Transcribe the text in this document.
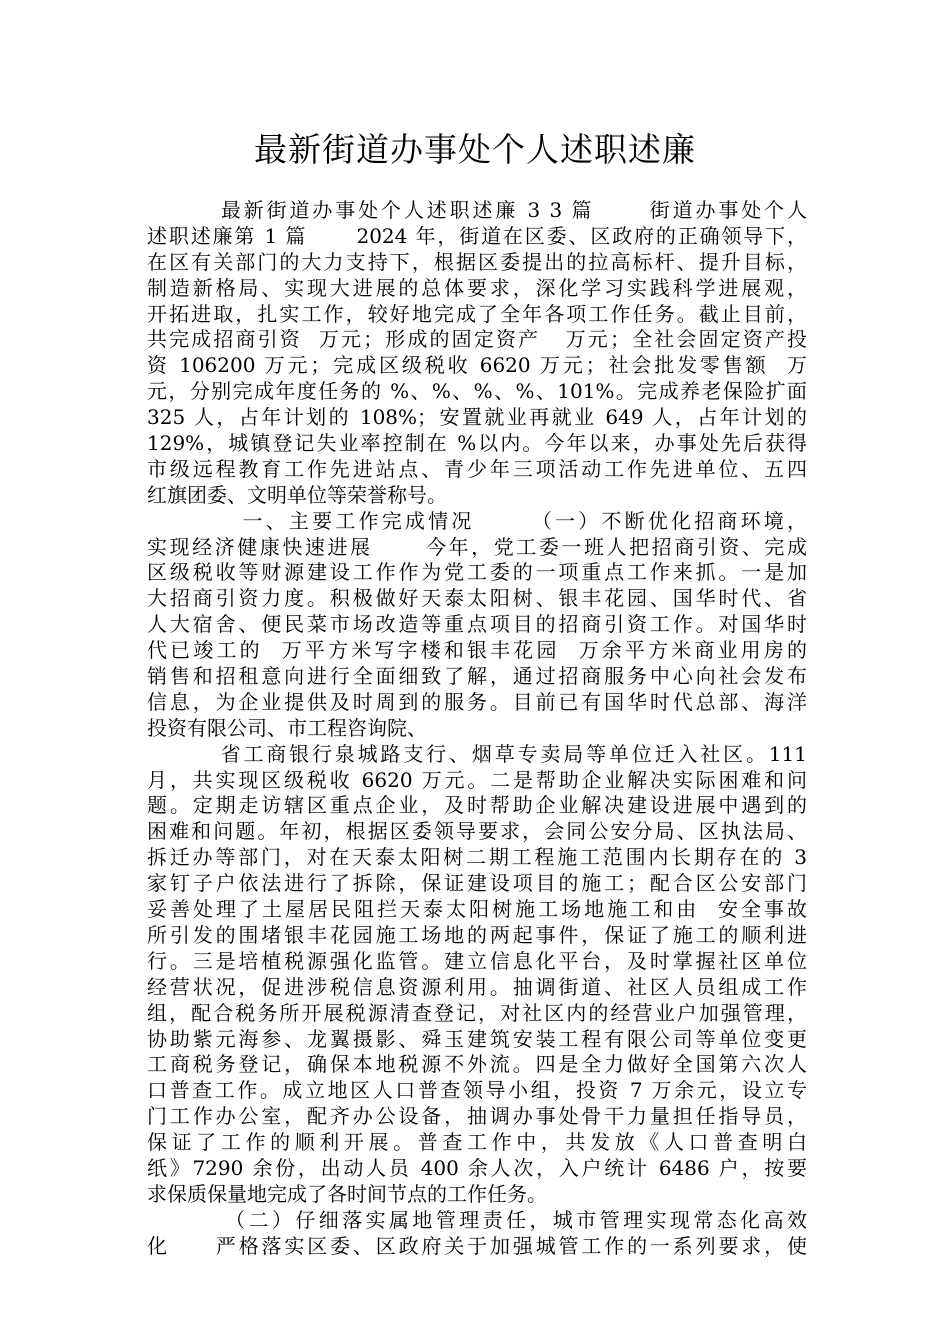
最新街道办事处个人述职述廉
最新街道办事处个人述职述廉 3 3 篇      街道办事处个人
述职述廉第 1 篇      2024 年，街道在区委、区政府的正确领导下，
在区有关部门的大力支持下，根据区委提出的拉高标杆、提升目标，
制造新格局、实现大进展的总体要求，深化学习实践科学进展观，
开拓进取，扎实工作，较好地完成了全年各项工作任务。截止目前，
共完成招商引资  万元；形成的固定资产   万元；全社会固定资产投
资 106200 万元；完成区级税收 6620 万元；社会批发零售额  万
元，分别完成年度任务的 %、%、%、%、101%。完成养老保险扩面
325 人，占年计划的 108%；安置就业再就业 649 人，占年计划的
129%，城镇登记失业率控制在 %以内。今年以来，办事处先后获得
市级远程教育工作先进站点、青少年三项活动工作先进单位、五四
红旗团委、文明单位等荣誉称号。
一、主要工作完成情况      （一）不断优化招商环境，
实现经济健康快速进展      今年，党工委一班人把招商引资、完成
区级税收等财源建设工作作为党工委的一项重点工作来抓。一是加
大招商引资力度。积极做好天泰太阳树、银丰花园、国华时代、省
人大宿舍、便民菜市场改造等重点项目的招商引资工作。对国华时
代已竣工的  万平方米写字楼和银丰花园  万余平方米商业用房的
销售和招租意向进行全面细致了解，通过招商服务中心向社会发布
信息，为企业提供及时周到的服务。目前已有国华时代总部、海洋
投资有限公司、市工程咨询院、
省工商银行泉城路支行、烟草专卖局等单位迁入社区。111
月，共实现区级税收 6620 万元。二是帮助企业解决实际困难和问
题。定期走访辖区重点企业，及时帮助企业解决建设进展中遇到的
困难和问题。年初，根据区委领导要求，会同公安分局、区执法局、
拆迁办等部门，对在天泰太阳树二期工程施工范围内长期存在的 3
家钉子户依法进行了拆除，保证建设项目的施工；配合区公安部门
妥善处理了土屋居民阻拦天泰太阳树施工场地施工和由  安全事故
所引发的围堵银丰花园施工场地的两起事件，保证了施工的顺利进
行。三是培植税源强化监管。建立信息化平台，及时掌握社区单位
经营状况，促进涉税信息资源利用。抽调街道、社区人员组成工作
组，配合税务所开展税源清查登记，对社区内的经营业户加强管理，
协助紫元海参、龙翼摄影、舜玉建筑安装工程有限公司等单位变更
工商税务登记，确保本地税源不外流。四是全力做好全国第六次人
口普查工作。成立地区人口普查领导小组，投资 7 万余元，设立专
门工作办公室，配齐办公设备，抽调办事处骨干力量担任指导员，
保证了工作的顺利开展。普查工作中，共发放《人口普查明白
纸》7290 余份，出动人员 400 余人次，入户统计 6486 户，按要
求保质保量地完成了各时间节点的工作任务。
（二）仔细落实属地管理责任，城市管理实现常态化高效
化     严格落实区委、区政府关于加强城管工作的一系列要求，使
